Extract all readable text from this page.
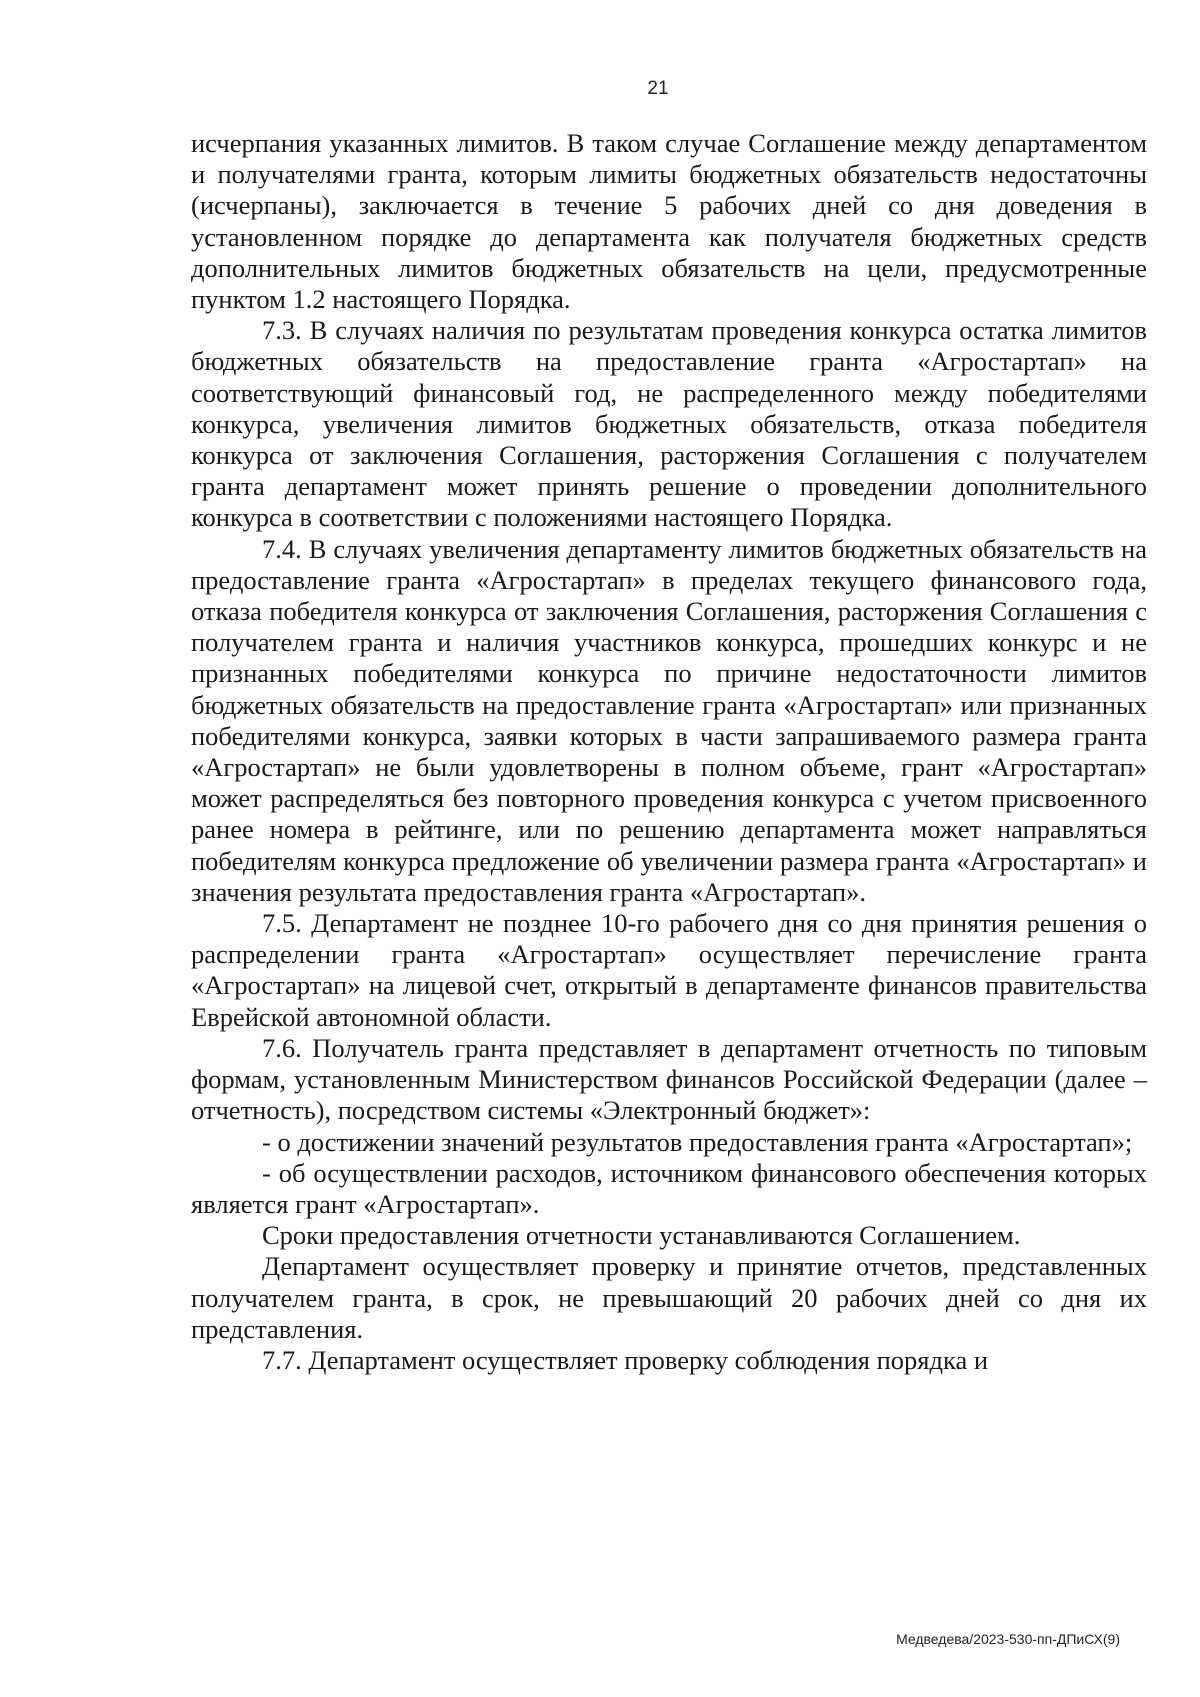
21

исчерпания указанных лимитов. В таком случае Соглашение между департаментом и получателями гранта, которым лимиты бюджетных обязательств недостаточны (исчерпаны), заключается в течение 5 рабочих дней со дня доведения в установленном порядке до департамента как получателя бюджетных средств дополнительных лимитов бюджетных обязательств на цели, предусмотренные пунктом 1.2 настоящего Порядка.

7.3. В случаях наличия по результатам проведения конкурса остатка лимитов бюджетных обязательств на предоставление гранта «Агростартап» на соответствующий финансовый год, не распределенного между победителями конкурса, увеличения лимитов бюджетных обязательств, отказа победителя конкурса от заключения Соглашения, расторжения Соглашения с получателем гранта департамент может принять решение о проведении дополнительного конкурса в соответствии с положениями настоящего Порядка.

7.4. В случаях увеличения департаменту лимитов бюджетных обязательств на предоставление гранта «Агростартап» в пределах текущего финансового года, отказа победителя конкурса от заключения Соглашения, расторжения Соглашения с получателем гранта и наличия участников конкурса, прошедших конкурс и не признанных победителями конкурса по причине недостаточности лимитов бюджетных обязательств на предоставление гранта «Агростартап» или признанных победителями конкурса, заявки которых в части запрашиваемого размера гранта «Агростартап» не были удовлетворены в полном объеме, грант «Агростартап» может распределяться без повторного проведения конкурса с учетом присвоенного ранее номера в рейтинге, или по решению департамента может направляться победителям конкурса предложение об увеличении размера гранта «Агростартап» и значения результата предоставления гранта «Агростартап».

7.5. Департамент не позднее 10-го рабочего дня со дня принятия решения о распределении гранта «Агростартап» осуществляет перечисление гранта «Агростартап» на лицевой счет, открытый в департаменте финансов правительства Еврейской автономной области.

7.6. Получатель гранта представляет в департамент отчетность по типовым формам, установленным Министерством финансов Российской Федерации (далее – отчетность), посредством системы «Электронный бюджет»:

- о достижении значений результатов предоставления гранта «Агростартап»;

- об осуществлении расходов, источником финансового обеспечения которых является грант «Агростартап».

Сроки предоставления отчетности устанавливаются Соглашением.

Департамент осуществляет проверку и принятие отчетов, представленных получателем гранта, в срок, не превышающий 20 рабочих дней со дня их представления.

7.7. Департамент осуществляет проверку соблюдения порядка и

Медведева/2023-530-пп-ДПиСХ(9)
